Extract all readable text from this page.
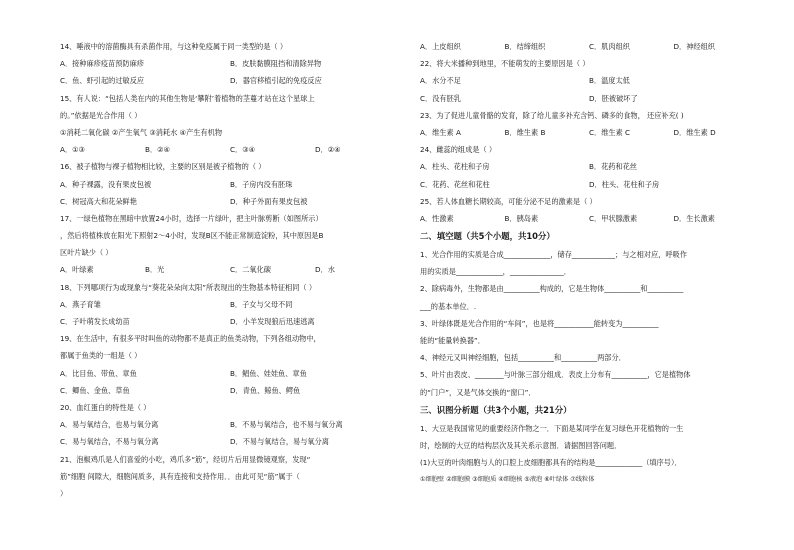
14、唾液中的溶菌酶具有杀菌作用，与这种免疫属于同一类型的是（ ）
A．接种麻疹疫苗预防麻疹	B．皮肤黏膜阻挡和清除异物
C．鱼、虾引起的过敏反应	D．器官移植引起的免疫反应
15、有人说：“包括人类在内的其他生物是‘攀附’着植物的茎蔓才站在这个星球上
的。”依据是光合作用（ ）
①消耗二氧化碳 ②产生氧气 ③消耗水 ④产生有机物
A．①③	B．②④	C．③④	D．②④
16、被子植物与裸子植物相比较，主要的区别是被子植物的（ ）
A．种子裸露，没有果皮包被	B．子房内没有胚珠
C．树冠高大和花朵鲜艳	D．种子外面有果皮包被
17、一绿色植物在黑暗中放置24小时，选择一片绿叶，把主叶脉剪断（如图所示）
，然后将植株放在阳光下照射2～4小时，发现B区不能正常制造淀粉，其中原因是B
区叶片缺少（ ）
A．叶绿素	B．光	C．二氧化碳	D．水
18、下列哪项行为或现象与“葵花朵朵向太阳”所表现出的生物基本特征相同（ ）
A．燕子育雏	B．子女与父母不同
C．子叶萌发长成幼苗	D．小羊发现狼后迅速逃离
19、在生活中，有很多平时叫鱼的动物都不是真正的鱼类动物，下列各组动物中，
都属于鱼类的一组是（ ）
A．比目鱼、带鱼、章鱼	B．鲳鱼、娃娃鱼、章鱼
C．鲫鱼、金鱼、草鱼	D．青鱼、鲸鱼、鳄鱼
20、血红蛋白的特性是（ ）
A．易与氧结合，也易与氧分离	B．不易与氧结合，也不易与氧分离
C．易与氧结合，不易与氧分离	D．不易与氧结合，易与氧分离
21、泡椒鸡爪是人们喜爱的小吃，鸡爪多“筋”，经切片后用显微镜观察，发现“
筋”细胞 间隙大，细胞间质多，具有连接和支持作用．．由此可见“筋”属于（
）
A．上皮组织	B．结缔组织	C．肌肉组织	D．神经组织
22、将大米播种到地里，不能萌发的主要原因是（ ）
A．水分不足	B．温度太低
C．没有胚乳	D．胚被破坏了
23、为了促进儿童骨骼的发育，除了给儿童多补充含钙、磷多的食物， 还应补充( )
A．维生素 A	B．维生素 B	C．维生素 C	D．维生素 D
24、雌蕊的组成是（ ）
A．柱头、花柱和子房	B．花药和花丝
C．花药、花丝和花柱	D．柱头、花柱和子房
25、若人体血糖长期较高，可能分泌不足的激素是（ ）
A．性激素	B．胰岛素	C．甲状腺激素	D．生长激素
二、填空题（共5个小题，共10分）
1、光合作用的实质是合成_____________，储存____________；与之相对应，呼吸作
用的实质是_____________，_______________．
2、除病毒外，生物都是由__________构成的，它是生物体__________和__________
___的基本单位．.
3、叶绿体既是光合作用的“车间”，也是将___________能转变为__________
能的“能量转换器”．
4、神经元又叫神经细胞，包括__________和__________两部分．
5、叶片由表皮、________与叶脉三部分组成．表皮上分布有__________，它是植物体
的“门户”，又是气体交换的“窗口”．
三、识图分析题（共3个小题，共21分）
1、大豆是我国常见的重要经济作物之一．下面是某同学在复习绿色开花植物的一生
时，绘制的大豆的结构层次及其关系示意图．请据图回答问题．
(1)大豆的叶肉细胞与人的口腔上皮细胞都具有的结构是_____________（填序号）．
①细胞壁 ②细胞膜 ③细胞质 ④细胞核 ⑤液泡 ⑥叶绿体 ⑦线粒体
